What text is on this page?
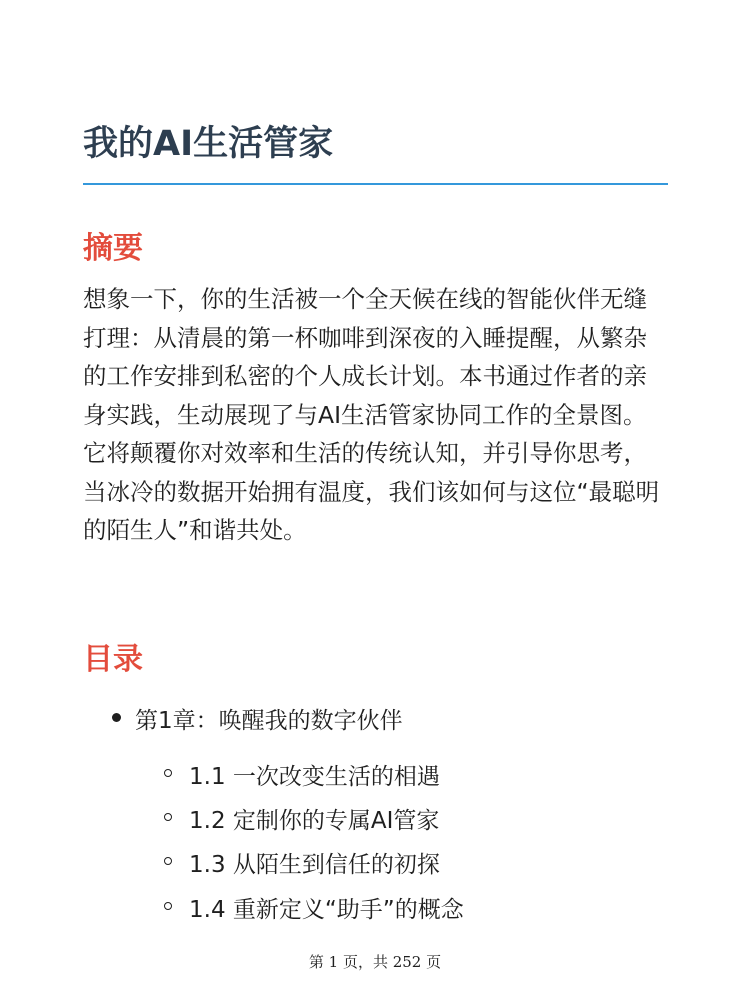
我的AI生活管家
摘要

想象一下，你的生活被一个全天候在线的智能伙伴无缝打理：从清晨的第一杯咖啡到深夜的入睡提醒，从繁杂的工作安排到私密的个人成长计划。本书通过作者的亲身实践，生动展现了与AI生活管家协同工作的全景图。它将颠覆你对效率和生活的传统认知，并引导你思考，当冰冷的数据开始拥有温度，我们该如何与这位“最聪明的陌生人”和谐共处。

目录
第1章：唤醒我的数字伙伴
1.1 一次改变生活的相遇
1.2 定制你的专属AI管家
1.3 从陌生到信任的初探
1.4 重新定义“助手”的概念
第 1 页，共 252 页
